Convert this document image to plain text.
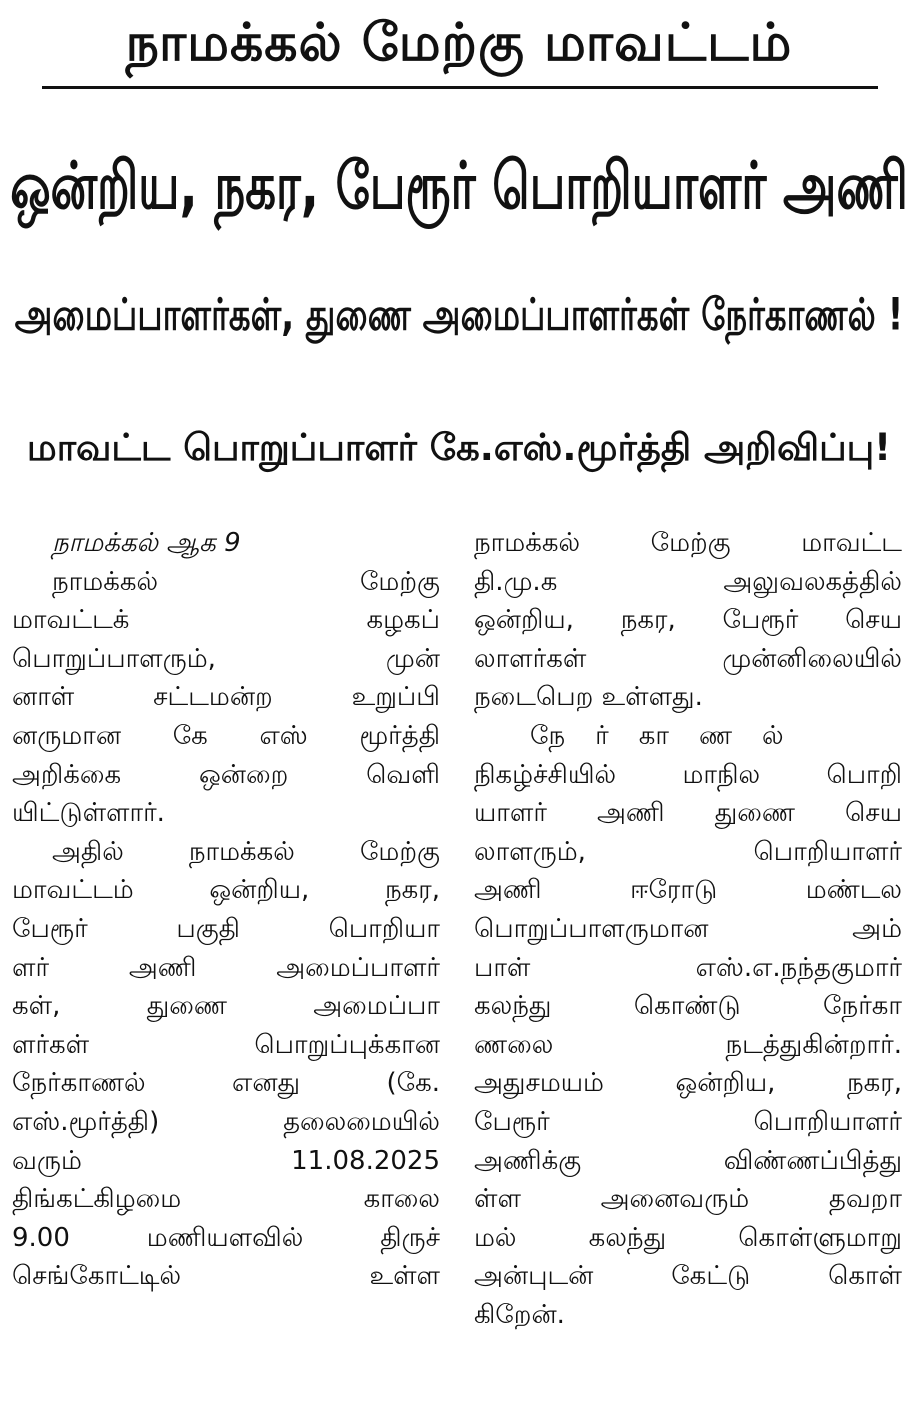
நாமக்கல் மேற்கு மாவட்டம்
ஒன்றிய, நகர, பேரூர் பொறியாளர் அணி
அமைப்பாளர்கள், துணை அமைப்பாளர்கள் நேர்காணல் !
மாவட்ட பொறுப்பாளர் கே.எஸ்.மூர்த்தி அறிவிப்பு!
நாமக்கல் ஆக 9
நாமக்கல் மேற்கு
மாவட்டக் கழகப்
பொறுப்பாளரும், முன்
னாள் சட்டமன்ற உறுப்பி
னருமான கே எஸ் மூர்த்தி
அறிக்கை ஒன்றை வெளி
யிட்டுள்ளார்.
அதில் நாமக்கல் மேற்கு
மாவட்டம் ஒன்றிய, நகர,
பேரூர் பகுதி பொறியா
ளர் அணி அமைப்பாளர்
கள், துணை அமைப்பா
ளர்கள் பொறுப்புக்கான
நேர்காணல் எனது (கே.
எஸ்.மூர்த்தி) தலைமையில்
வரும் 11.08.2025
திங்கட்கிழமை காலை
9.00 மணியளவில் திருச்
செங்கோட்டில் உள்ள
நாமக்கல் மேற்கு மாவட்ட
தி.மு.க அலுவலகத்தில்
ஒன்றிய, நகர, பேரூர் செய
லாளர்கள் முன்னிலையில்
நடைபெற உள்ளது.
நேர்காணல்
நிகழ்ச்சியில் மாநில பொறி
யாளர் அணி துணை செய
லாளரும், பொறியாளர்
அணி ஈரோடு மண்டல
பொறுப்பாளருமான அம்
பாள் எஸ்.எ.நந்தகுமார்
கலந்து கொண்டு நேர்கா
ணலை நடத்துகின்றார்.
அதுசமயம் ஒன்றிய, நகர,
பேரூர் பொறியாளர்
அணிக்கு விண்ணப்பித்து
ள்ள அனைவரும் தவறா
மல் கலந்து கொள்ளுமாறு
அன்புடன் கேட்டு கொள்
கிறேன்.
